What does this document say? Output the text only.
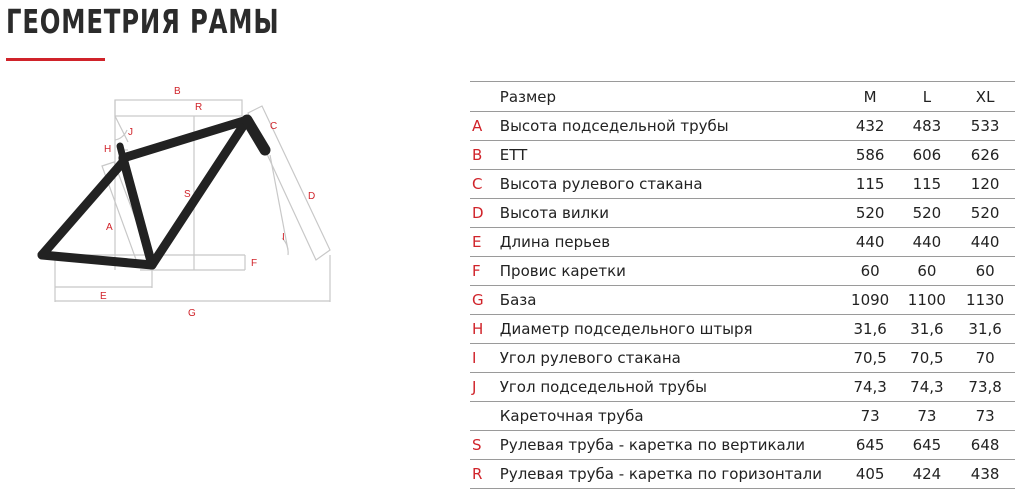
ГЕОМЕТРИЯ РАМЫ
B
R
C
J
H
S	D
A
I
F
E
G
	Размер	M	L	XL
A	Высота подседельной трубы	432	483	533
B	ETT	586	606	626
C	Высота рулевого стакана	115	115	120
D	Высота вилки	520	520	520
E	Длина перьев	440	440	440
F	Провис каретки	60	60	60
G	База	1090	1100	1130
H	Диаметр подседельного штыря	31,6	31,6	31,6
I	Угол рулевого стакана	70,5	70,5	70
J	Угол подседельной трубы	74,3	74,3	73,8
	Кареточная труба	73	73	73
S	Рулевая труба - каретка по вертикали	645	645	648
R	Рулевая труба - каретка по горизонтали	405	424	438
